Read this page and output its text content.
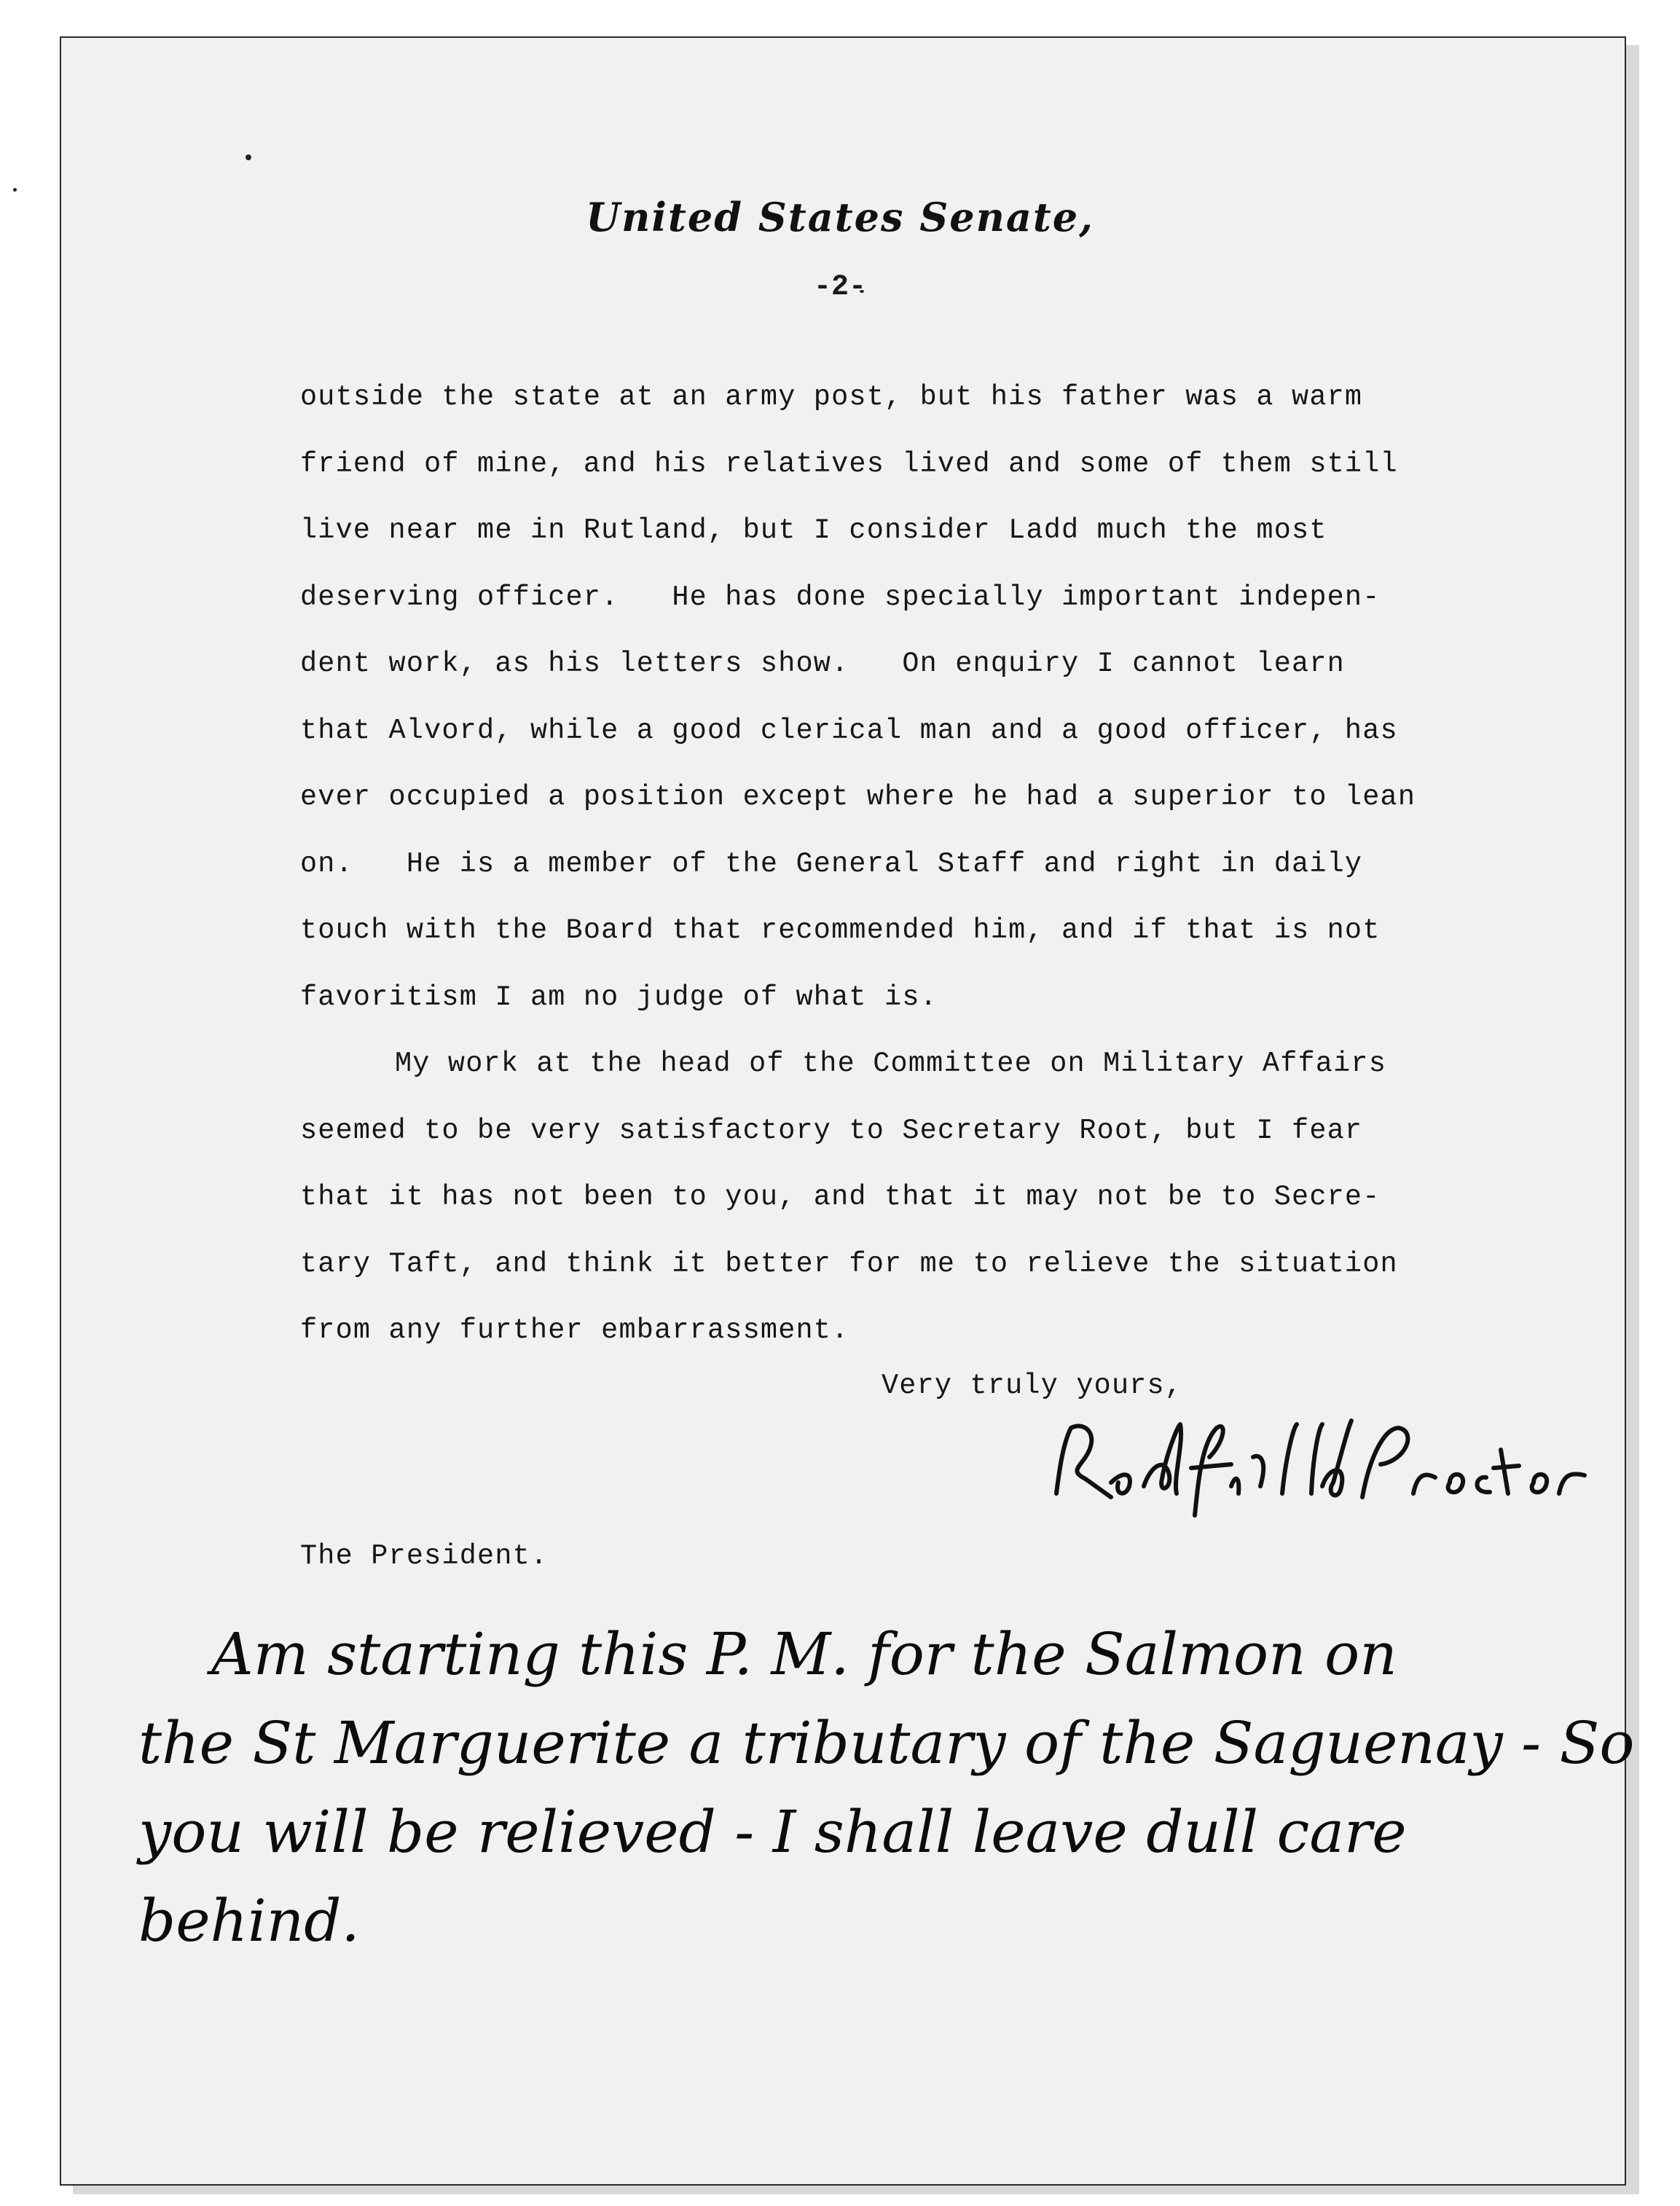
United States Senate,
-2-
outside the state at an army post, but his father was a warm
friend of mine, and his relatives lived and some of them still
live near me in Rutland, but I consider Ladd much the most
deserving officer.   He has done specially important indepen-
dent work, as his letters show.   On enquiry I cannot learn
that Alvord, while a good clerical man and a good officer, has
ever occupied a position except where he had a superior to lean
on.   He is a member of the General Staff and right in daily
touch with the Board that recommended him, and if that is not
favoritism I am no judge of what is.
My work at the head of the Committee on Military Affairs
seemed to be very satisfactory to Secretary Root, but I fear
that it has not been to you, and that it may not be to Secre-
tary Taft, and think it better for me to relieve the situation
from any further embarrassment.
Very truly yours,
The President.
Am starting this P. M. for the Salmon on
the St Marguerite a tributary of the Saguenay - So
you will be relieved - I shall leave dull care
behind.
